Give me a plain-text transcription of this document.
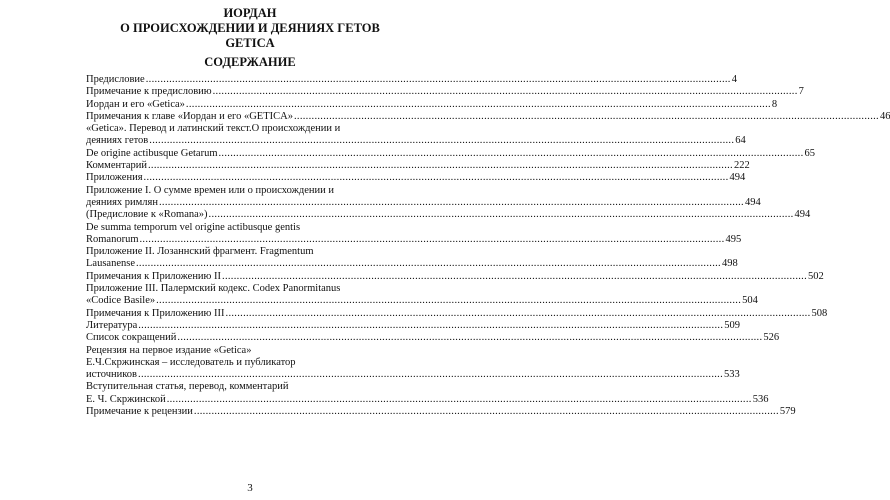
ИОРДАН
О ПРОИСХОЖДЕНИИ И ДЕЯНИЯХ ГЕТОВ
GETICA
СОДЕРЖАНИЕ
Предисловие ........................................................................................................................................................................................................ 4
Примечание к предисловию ........................................................................................................................................................................................................ 7
Иордан и его «Getica» ........................................................................................................................................................................................................ 8
Примечания к главе «Иордан и его «GETICA» ........................................................................................................................................................................................................ 46
«Getica». Перевод и латинский текст.О происхождении и
деяниях гетов ........................................................................................................................................................................................................ 64
De origine actibusque Getarum ........................................................................................................................................................................................................ 65
Комментарий ........................................................................................................................................................................................................ 222
Приложения ........................................................................................................................................................................................................ 494
Приложение I. О сумме времен или о происхождении и
деяниях римлян ........................................................................................................................................................................................................ 494
(Предисловие к «Romana») ........................................................................................................................................................................................................ 494
De summa temporum vel origine actibusque gentis
Romanorum ........................................................................................................................................................................................................ 495
Приложение II. Лозаннский фрагмент. Fragmentum
Lausanense ........................................................................................................................................................................................................ 498
Примечания к Приложению II ........................................................................................................................................................................................................ 502
Приложение III. Палермский кодекс. Codex Panormitanus
«Codice Basile» ........................................................................................................................................................................................................ 504
Примечания к Приложению III ........................................................................................................................................................................................................ 508
Литература ........................................................................................................................................................................................................ 509
Список сокращений ........................................................................................................................................................................................................ 526
Рецензия на первое издание «Getica»
Е.Ч.Скржинская – исследователь и публикатор
источников ........................................................................................................................................................................................................ 533
Вступительная статья, перевод, комментарий
Е. Ч. Скржинской ........................................................................................................................................................................................................ 536
Примечание к рецензии ........................................................................................................................................................................................................ 579
3
